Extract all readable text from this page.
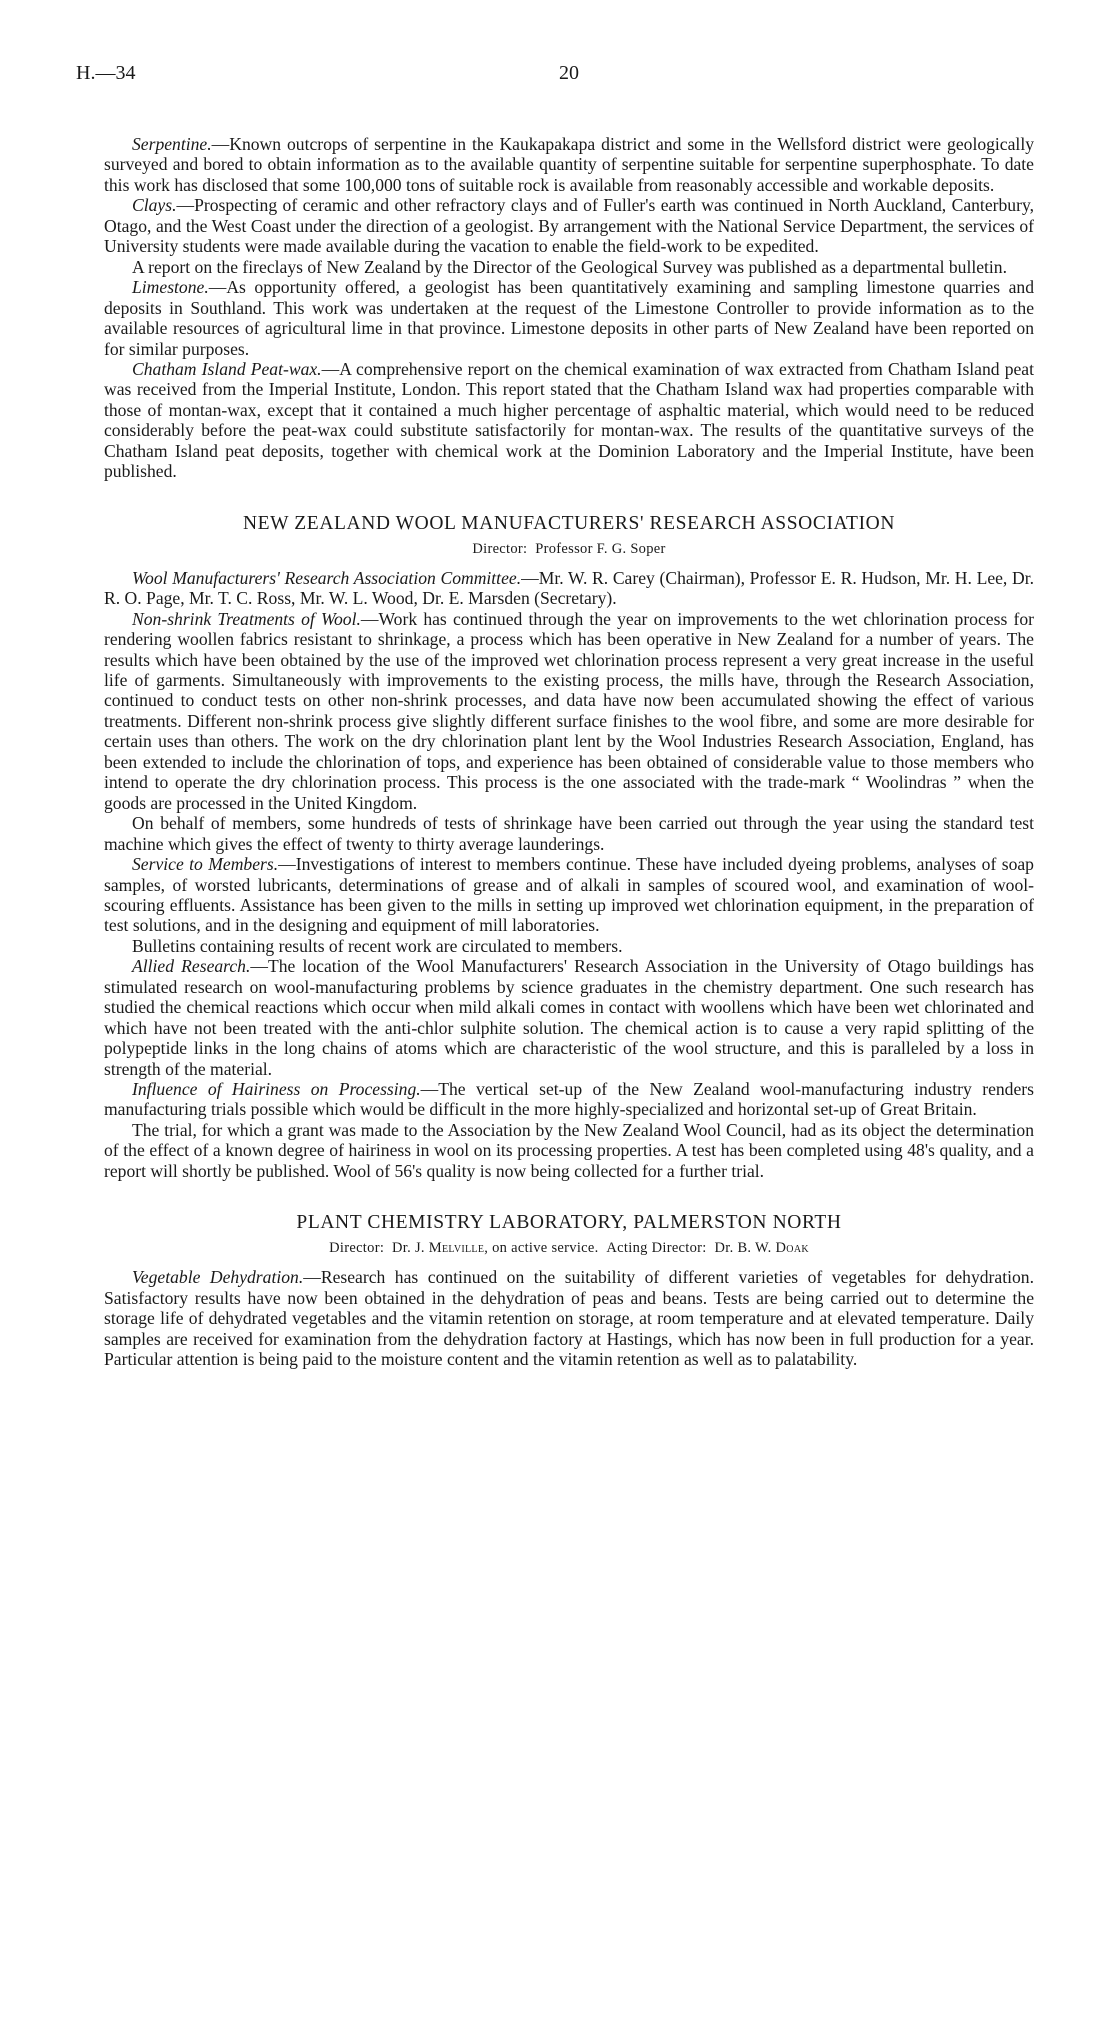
H.—34	20

Serpentine.—Known outcrops of serpentine in the Kaukapakapa district and some in the Wellsford district were geologically surveyed and bored to obtain information as to the available quantity of serpentine suitable for serpentine superphosphate. To date this work has disclosed that some 100,000 tons of suitable rock is available from reasonably accessible and workable deposits.

Clays.—Prospecting of ceramic and other refractory clays and of Fuller's earth was continued in North Auckland, Canterbury, Otago, and the West Coast under the direction of a geologist. By arrangement with the National Service Department, the services of University students were made available during the vacation to enable the field-work to be expedited.

A report on the fireclays of New Zealand by the Director of the Geological Survey was published as a departmental bulletin.

Limestone.—As opportunity offered, a geologist has been quantitatively examining and sampling limestone quarries and deposits in Southland. This work was undertaken at the request of the Limestone Controller to provide information as to the available resources of agricultural lime in that province. Limestone deposits in other parts of New Zealand have been reported on for similar purposes.

Chatham Island Peat-wax.—A comprehensive report on the chemical examination of wax extracted from Chatham Island peat was received from the Imperial Institute, London. This report stated that the Chatham Island wax had properties comparable with those of montan-wax, except that it contained a much higher percentage of asphaltic material, which would need to be reduced considerably before the peat-wax could substitute satisfactorily for montan-wax. The results of the quantitative surveys of the Chatham Island peat deposits, together with chemical work at the Dominion Laboratory and the Imperial Institute, have been published.

NEW ZEALAND WOOL MANUFACTURERS' RESEARCH ASSOCIATION
Director: Professor F. G. Soper

Wool Manufacturers' Research Association Committee.—Mr. W. R. Carey (Chairman), Professor E. R. Hudson, Mr. H. Lee, Dr. R. O. Page, Mr. T. C. Ross, Mr. W. L. Wood, Dr. E. Marsden (Secretary).

Non-shrink Treatments of Wool.—Work has continued through the year on improvements to the wet chlorination process for rendering woollen fabrics resistant to shrinkage, a process which has been operative in New Zealand for a number of years. The results which have been obtained by the use of the improved wet chlorination process represent a very great increase in the useful life of garments. Simultaneously with improvements to the existing process, the mills have, through the Research Association, continued to conduct tests on other non-shrink processes, and data have now been accumulated showing the effect of various treatments. Different non-shrink process give slightly different surface finishes to the wool fibre, and some are more desirable for certain uses than others. The work on the dry chlorination plant lent by the Wool Industries Research Association, England, has been extended to include the chlorination of tops, and experience has been obtained of considerable value to those members who intend to operate the dry chlorination process. This process is the one associated with the trade-mark “ Woolindras ” when the goods are processed in the United Kingdom.

On behalf of members, some hundreds of tests of shrinkage have been carried out through the year using the standard test machine which gives the effect of twenty to thirty average launderings.

Service to Members.—Investigations of interest to members continue. These have included dyeing problems, analyses of soap samples, of worsted lubricants, determinations of grease and of alkali in samples of scoured wool, and examination of wool-scouring effluents. Assistance has been given to the mills in setting up improved wet chlorination equipment, in the preparation of test solutions, and in the designing and equipment of mill laboratories.

Bulletins containing results of recent work are circulated to members.

Allied Research.—The location of the Wool Manufacturers' Research Association in the University of Otago buildings has stimulated research on wool-manufacturing problems by science graduates in the chemistry department. One such research has studied the chemical reactions which occur when mild alkali comes in contact with woollens which have been wet chlorinated and which have not been treated with the anti-chlor sulphite solution. The chemical action is to cause a very rapid splitting of the polypeptide links in the long chains of atoms which are characteristic of the wool structure, and this is paralleled by a loss in strength of the material.

Influence of Hairiness on Processing.—The vertical set-up of the New Zealand wool-manufacturing industry renders manufacturing trials possible which would be difficult in the more highly-specialized and horizontal set-up of Great Britain.

The trial, for which a grant was made to the Association by the New Zealand Wool Council, had as its object the determination of the effect of a known degree of hairiness in wool on its processing properties. A test has been completed using 48's quality, and a report will shortly be published. Wool of 56's quality is now being collected for a further trial.

PLANT CHEMISTRY LABORATORY, PALMERSTON NORTH
Director: Dr. J. Melville, on active service. Acting Director: Dr. B. W. Doak

Vegetable Dehydration.—Research has continued on the suitability of different varieties of vegetables for dehydration. Satisfactory results have now been obtained in the dehydration of peas and beans. Tests are being carried out to determine the storage life of dehydrated vegetables and the vitamin retention on storage, at room temperature and at elevated temperature. Daily samples are received for examination from the dehydration factory at Hastings, which has now been in full production for a year. Particular attention is being paid to the moisture content and the vitamin retention as well as to palatability.
